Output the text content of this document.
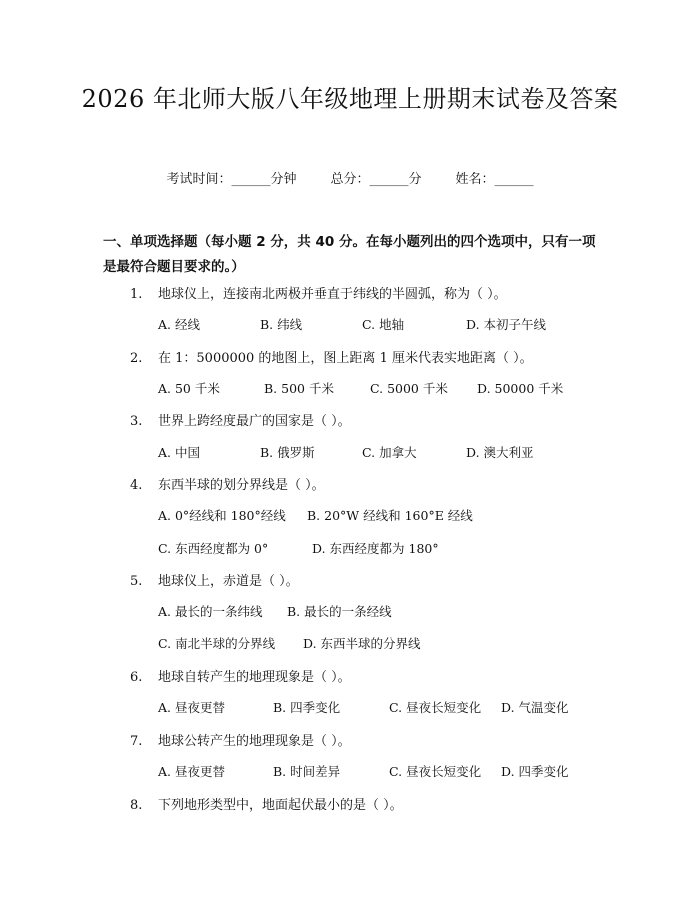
2026 年北师大版八年级地理上册期末试卷及答案
考试时间：______分钟	总分：______分	姓名：______
一、单项选择题（每小题 2 分，共 40 分。在每小题列出的四个选项中，只有一项是最符合题目要求的。）
1. 地球仪上，连接南北两极并垂直于纬线的半圆弧，称为（ ）。
A. 经线	B. 纬线	C. 地轴	D. 本初子午线
2. 在 1：5000000 的地图上，图上距离 1 厘米代表实地距离（ ）。
A. 50 千米	B. 500 千米	C. 5000 千米 D. 50000 千米
3. 世界上跨经度最广的国家是（ ）。
A. 中国	B. 俄罗斯	C. 加拿大	D. 澳大利亚
4. 东西半球的划分界线是（ ）。
A. 0°经线和 180°经线 B. 20°W 经线和 160°E 经线
C. 东西经度都为 0°	D. 东西经度都为 180°
5. 地球仪上，赤道是（ ）。
A. 最长的一条纬线 B. 最长的一条经线
C. 南北半球的分界线 D. 东西半球的分界线
6. 地球自转产生的地理现象是（ ）。
A. 昼夜更替	B. 四季变化	C. 昼夜长短变化 D. 气温变化
7. 地球公转产生的地理现象是（ ）。
A. 昼夜更替	B. 时间差异	C. 昼夜长短变化 D. 四季变化
8. 下列地形类型中，地面起伏最小的是（ ）。
